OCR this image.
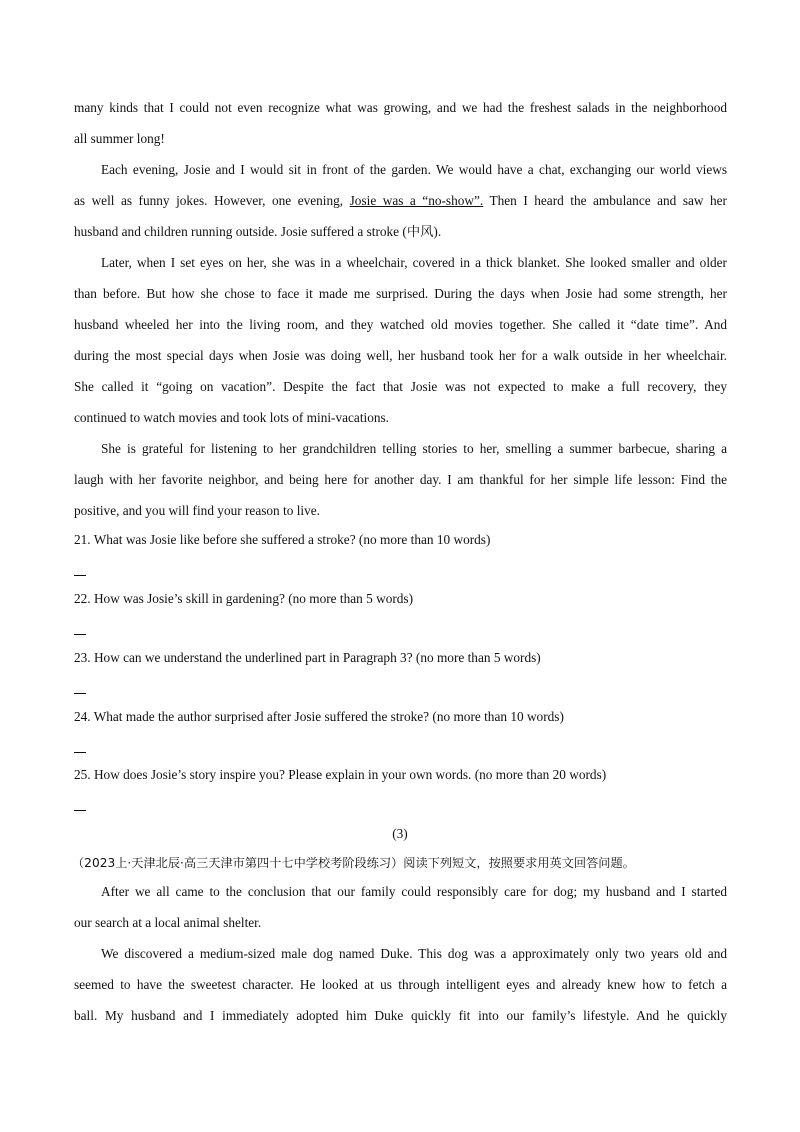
many kinds that I could not even recognize what was growing, and we had the freshest salads in the neighborhood
all summer long!
Each evening, Josie and I would sit in front of the garden. We would have a chat, exchanging our world views
as well as funny jokes. However, one evening, Josie was a “no-show”. Then I heard the ambulance and saw her
husband and children running outside. Josie suffered a stroke (中风).
Later, when I set eyes on her, she was in a wheelchair, covered in a thick blanket. She looked smaller and older
than before. But how she chose to face it made me surprised. During the days when Josie had some strength, her
husband wheeled her into the living room, and they watched old movies together. She called it “date time”. And
during the most special days when Josie was doing well, her husband took her for a walk outside in her wheelchair.
She called it “going on vacation”. Despite the fact that Josie was not expected to make a full recovery, they
continued to watch movies and took lots of mini-vacations.
She is grateful for listening to her grandchildren telling stories to her, smelling a summer barbecue, sharing a
laugh with her favorite neighbor, and being here for another day. I am thankful for her simple life lesson: Find the
positive, and you will find your reason to live.
21. What was Josie like before she suffered a stroke? (no more than 10 words)
22. How was Josie’s skill in gardening? (no more than 5 words)
23. How can we understand the underlined part in Paragraph 3? (no more than 5 words)
24. What made the author surprised after Josie suffered the stroke? (no more than 10 words)
25. How does Josie’s story inspire you? Please explain in your own words. (no more than 20 words)
(3)
（2023上·天津北辰·高三天津市第四十七中学校考阶段练习）阅读下列短文，按照要求用英文回答问题。
After we all came to the conclusion that our family could responsibly care for dog; my husband and I started
our search at a local animal shelter.
We discovered a medium-sized male dog named Duke. This dog was a approximately only two years old and
seemed to have the sweetest character. He looked at us through intelligent eyes and already knew how to fetch a
ball. My husband and I immediately adopted him Duke quickly fit into our family’s lifestyle. And he quickly
